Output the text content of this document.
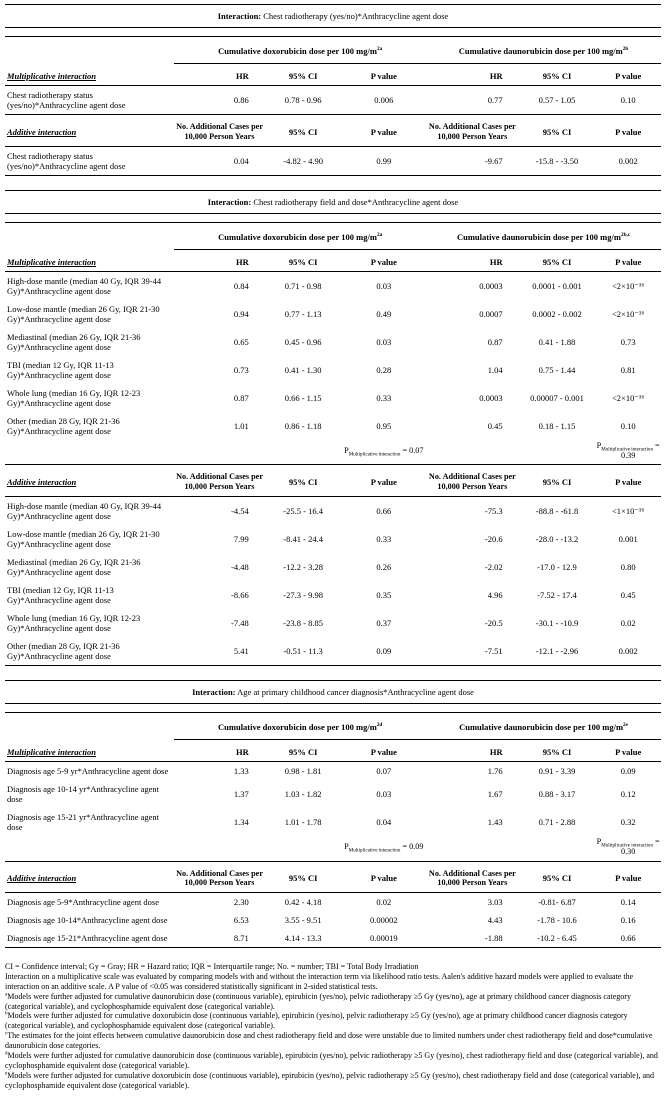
Interaction: Chest radiotherapy (yes/no)*Anthracycline agent dose
	Cumulative doxorubicin dose per 100 $mg/m^{2a}$			Cumulative daunorubicin dose per 100 $mg/m^{2b}$
Multiplicative interaction	HR	95% CI	P value	HR	95% CI	P value
Chest radiotherapy status (yes/no)*Anthracycline agent dose	0.86	0.78 - 0.96	0.006	0.77	0.57 - 1.05	0.10
Additive interaction	No. Additional Cases per 10,000 Person Years	95% CI	P value	No. Additional Cases per 10,000 Person Years	95% CI	P value
Chest radiotherapy status (yes/no)*Anthracycline agent dose	0.04	-4.82 - 4.90	0.99	-9.67	-15.8 - -3.50	0.002
Interaction: Chest radiotherapy field and dose*Anthracycline agent dose
	Cumulative doxorubicin dose per 100 $mg/m^{2a}$			Cumulative daunorubicin dose per 100 $mg/m^{2b,c}$
Multiplicative interaction	HR	95% CI	P value	HR	95% CI	P value
High-dose mantle (median 40 Gy, IQR 39-44 Gy)*Anthracycline agent dose	0.84	0.71 - 0.98	0.03	0.0003	0.0001 - 0.001	<2×10⁻¹⁶
Low-dose mantle (median 26 Gy, IQR 21-30 Gy)*Anthracycline agent dose	0.94	0.77 - 1.13	0.49	0.0007	0.0002 - 0.002	<2×10⁻¹⁶
Mediastinal (median 26 Gy, IQR 21-36 Gy)*Anthracycline agent dose	0.65	0.45 - 0.96	0.03	0.87	0.41 - 1.88	0.73
TBI (median 12 Gy, IQR 11-13 Gy)*Anthracycline agent dose	0.73	0.41 - 1.30	0.28	1.04	0.75 - 1.44	0.81
Whole lung (median 16 Gy, IQR 12-23 Gy)*Anthracycline agent dose	0.87	0.66 - 1.15	0.33	0.0003	0.00007 - 0.001	<2×10⁻¹⁶
Other (median 28 Gy, IQR 21-36 Gy)*Anthracycline agent dose	1.01	0.86 - 1.18	0.95	0.45	0.18 - 1.15	0.10
			$P_{Multiplicative interaction} = 0.07$			$P_{Multiplicative interaction} = 0.39$
Additive interaction	No. Additional Cases per 10,000 Person Years	95% CI	P value	No. Additional Cases per 10,000 Person Years	95% CI	P value
High-dose mantle (median 40 Gy, IQR 39-44 Gy)*Anthracycline agent dose	-4.54	-25.5 - 16.4	0.66	-75.3	-88.8 - -61.8	<1×10⁻¹⁶
Low-dose mantle (median 26 Gy, IQR 21-30 Gy)*Anthracycline agent dose	7.99	-8.41 - 24.4	0.33	-20.6	-28.0 - -13.2	0.001
Mediastinal (median 26 Gy, IQR 21-36 Gy)*Anthracycline agent dose	-4.48	-12.2 - 3.28	0.26	-2.02	-17.0 - 12.9	0.80
TBI (median 12 Gy, IQR 11-13 Gy)*Anthracycline agent dose	-8.66	-27.3 - 9.98	0.35	4.96	-7.52 - 17.4	0.45
Whole lung (median 16 Gy, IQR 12-23 Gy)*Anthracycline agent dose	-7.48	-23.8 - 8.85	0.37	-20.5	-30.1 - -10.9	0.02
Other (median 28 Gy, IQR 21-36 Gy)*Anthracycline agent dose	5.41	-0.51 - 11.3	0.09	-7.51	-12.1 - -2.96	0.002
Interaction: Age at primary childhood cancer diagnosis*Anthracycline agent dose
	Cumulative doxorubicin dose per 100 $mg/m^{2d}$			Cumulative daunorubicin dose per 100 $mg/m^{2e}$
Multiplicative interaction	HR	95% CI	P value	HR	95% CI	P value
Diagnosis age 5-9 yr*Anthracycline agent dose	1.33	0.98 - 1.81	0.07	1.76	0.91 - 3.39	0.09
Diagnosis age 10-14 yr*Anthracycline agent dose	1.37	1.03 - 1.82	0.03	1.67	0.88 - 3.17	0.12
Diagnosis age 15-21 yr*Anthracycline agent dose	1.34	1.01 - 1.78	0.04	1.43	0.71 - 2.88	0.32
			$P_{Multiplicative interaction} = 0.09$			$P_{Multiplicative interaction} = 0.30$
Additive interaction	No. Additional Cases per 10,000 Person Years	95% CI	P value	No. Additional Cases per 10,000 Person Years	95% CI	P value
Diagnosis age 5-9*Anthracycline agent dose	2.30	0.42 - 4.18	0.02	3.03	-0.81- 6.87	0.14
Diagnosis age 10-14*Anthracycline agent dose	6.53	3.55 - 9.51	0.00002	4.43	-1.78 - 10.6	0.16
Diagnosis age 15-21*Anthracycline agent dose	8.71	4.14 - 13.3	0.00019	-1.88	-10.2 - 6.45	0.66
CI = Confidence interval; Gy = Gray; HR = Hazard ratio; IQR = Interquartile range; No. = number; TBI = Total Body Irradiation
Interaction on a multiplicative scale was evaluated by comparing models with and without the interaction term via likelihood ratio tests. Aalen's additive hazard models were applied to evaluate the interaction on an additive scale. A P value of <0.05 was considered statistically significant in 2-sided statistical tests.
$^a$Models were further adjusted for cumulative daunorubicin dose (continuous variable), epirubicin (yes/no), pelvic radiotherapy ≥5 Gy (yes/no), age at primary childhood cancer diagnosis category (categorical variable), and cyclophosphamide equivalent dose (categorical variable).
$^b$Models were further adjusted for cumulative doxorubicin dose (continuous variable), epirubicin (yes/no), pelvic radiotherapy ≥5 Gy (yes/no), age at primary childhood cancer diagnosis category (categorical variable), and cyclophosphamide equivalent dose (categorical variable).
$^c$The estimates for the joint effects between cumulative daunorubicin dose and chest radiotherapy field and dose were unstable due to limited numbers under chest radiotherapy field and dose*cumulative daunorubicin dose categories.
$^d$Models were further adjusted for cumulative daunorubicin dose (continuous variable), epirubicin (yes/no), pelvic radiotherapy ≥5 Gy (yes/no), chest radiotherapy field and dose (categorical variable), and cyclophosphamide equivalent dose (categorical variable).
$^e$Models were further adjusted for cumulative doxorubicin dose (continuous variable), epirubicin (yes/no), pelvic radiotherapy ≥5 Gy (yes/no), chest radiotherapy field and dose (categorical variable), and cyclophosphamide equivalent dose (categorical variable).
